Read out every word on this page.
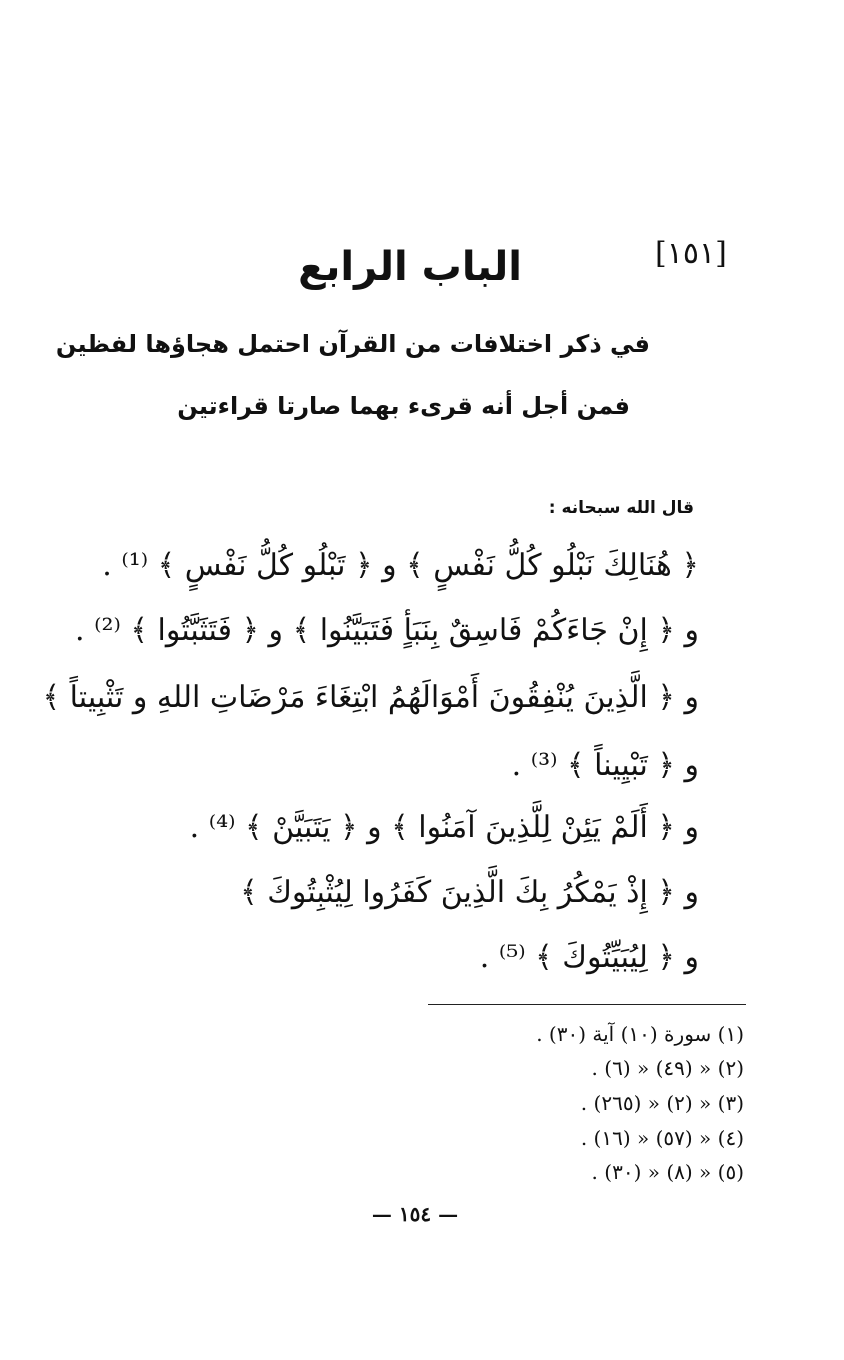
[١٥١]
الباب الرابع
في ذكر اختلافات من القرآن احتمل هجاؤها لفظين
فمن أجل أنه قرىء بهما صارتا قراءتين
قال الله سبحانه :
﴿ هُنَالِكَ نَبْلُو كُلُّ نَفْسٍ ﴾ و ﴿ تَبْلُو كُلُّ نَفْسٍ ﴾ ⁽¹⁾ .
و ﴿ إِنْ جَاءَكُمْ فَاسِقٌ بِنَبَأٍ فَتَبَيَّنُوا ﴾ و ﴿ فَتَثَبَّتُوا ﴾ ⁽²⁾ .
و ﴿ الَّذِينَ يُنْفِقُونَ أَمْوَالَهُمُ ابْتِغَاءَ مَرْضَاتِ اللهِ و تَثْبِيتاً ﴾
و ﴿ تَبْيِيناً ﴾ ⁽³⁾ .
و ﴿ أَلَمْ يَئِنْ لِلَّذِينَ آمَنُوا ﴾ و ﴿ يَتَبَيَّنْ ﴾ ⁽⁴⁾ .
و ﴿ إِذْ يَمْكُرُ بِكَ الَّذِينَ كَفَرُوا لِيُثْبِتُوكَ ﴾
و ﴿ لِيُبَيِّتُوكَ ﴾ ⁽⁵⁾ .
(١) سورة (١٠) آية (٣٠) .
(٢) « (٤٩) « (٦) .
(٣) « (٢) « (٢٦٥) .
(٤) « (٥٧) « (١٦) .
(٥) « (٨) « (٣٠) .
— ١٥٤ —
